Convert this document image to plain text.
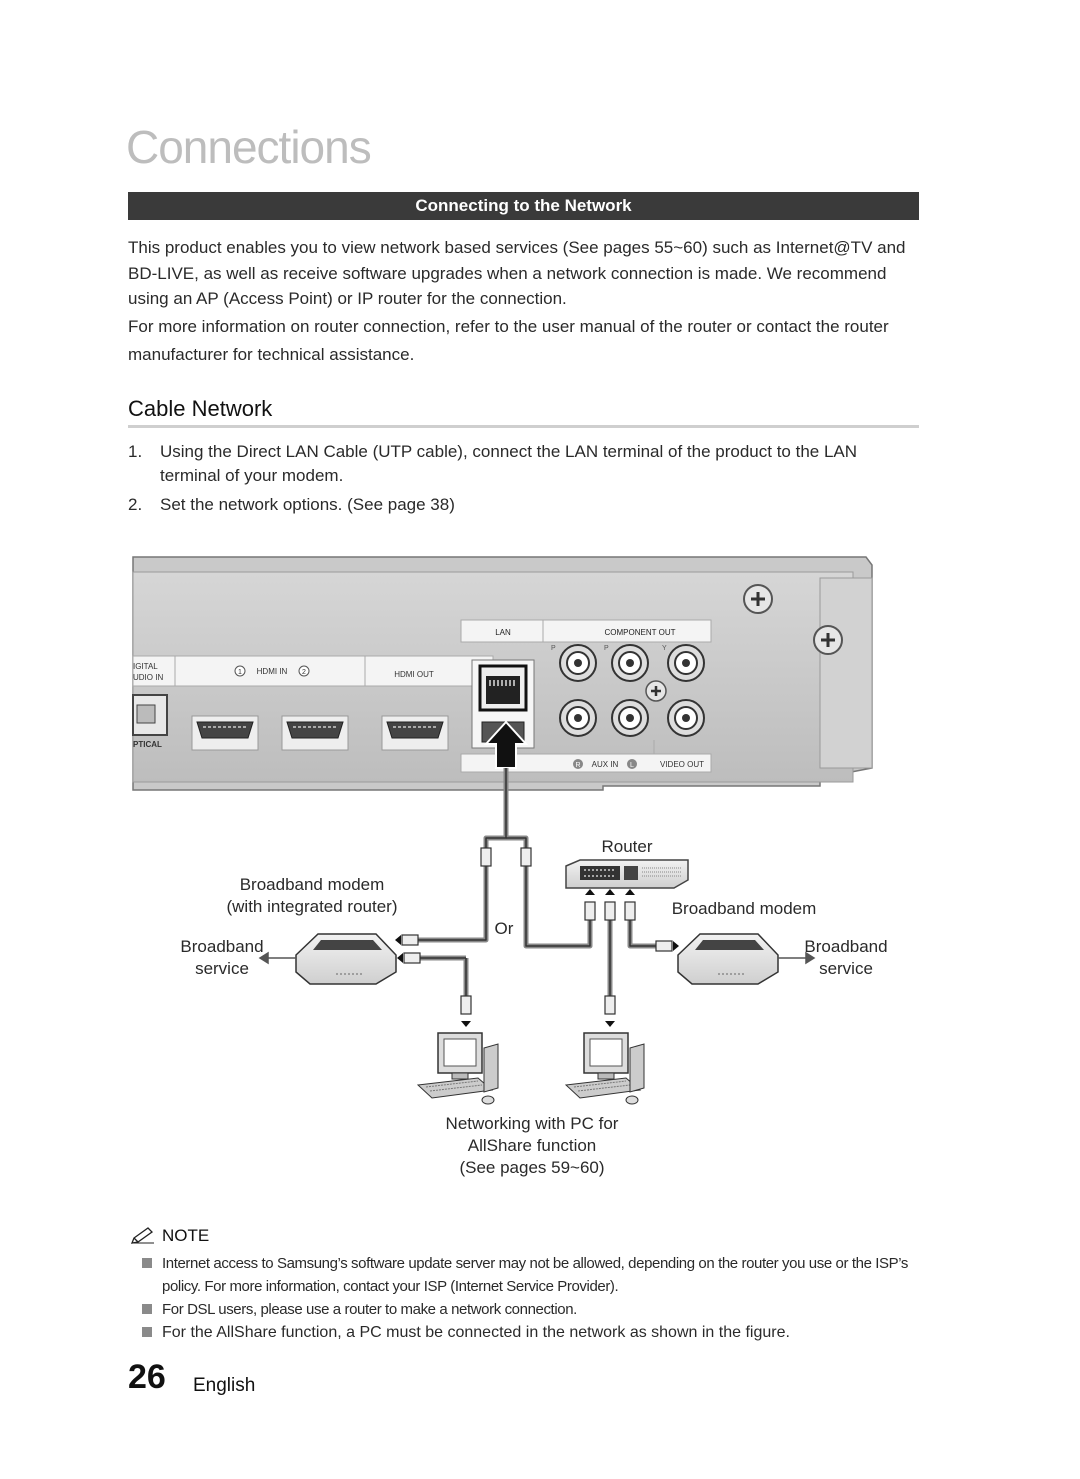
Connections
Connecting to the Network
This product enables you to view network based services (See pages 55~60) such as Internet@TV and BD-LIVE, as well as receive software upgrades when a network connection is made. We recommend using an AP (Access Point) or IP router for the connection.
For more information on router connection, refer to the user manual of the router or contact the router manufacturer for technical assistance.
Cable Network
1.	Using the Direct LAN Cable (UTP cable), connect the LAN terminal of the product to the LAN terminal of your modem.
2.	Set the network options. (See page 38)
IGITAL
UDIO IN
1 HDMI IN 2	HDMI OUT
PTICAL
LAN	COMPONENT OUT
P	P	Y
R AUX IN L	VIDEO OUT
Router
Broadband modem
(with integrated router)	Broadband modem
Or
Broadband
service
Broadband
service
Networking with PC for
AllShare function
(See pages 59~60)
NOTE
Internet access to Samsung’s software update server may not be allowed, depending on the router you use or the ISP’s policy. For more information, contact your ISP (Internet Service Provider).
For DSL users, please use a router to make a network connection.
For the AllShare function, a PC must be connected in the network as shown in the figure.
26 English
